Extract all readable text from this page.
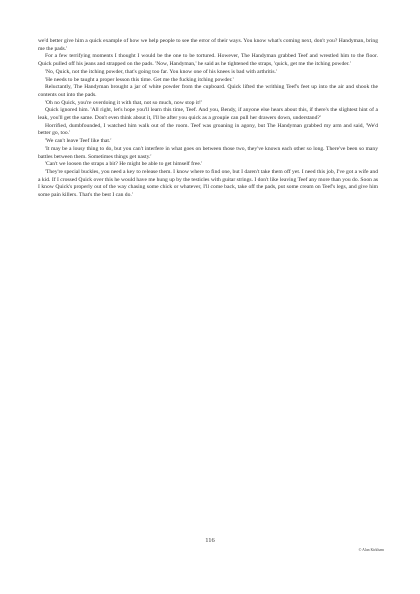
we'd better give him a quick example of how we help people to see the error of their ways. You know what's coming next, don't you? Handyman, bring me the pads.'

For a few terrifying moments I thought I would be the one to be tortured. However, The Handyman grabbed Teef and wrestled him to the floor. Quick pulled off his jeans and strapped on the pads. 'Now, Handyman,' he said as he tightened the straps, 'quick, get me the itching powder.'

'No, Quick, not the itching powder, that's going too far. You know one of his knees is bad with arthritis.'

'He needs to be taught a proper lesson this time. Get me the fucking itching powder.'

Reluctantly, The Handyman brought a jar of white powder from the cupboard. Quick lifted the writhing Teef's feet up into the air and shook the contents out into the pads.

'Oh no Quick, you're overdoing it with that, not so much, now stop it!'

Quick ignored him. 'All right, let's hope you'll learn this time, Teef. And you, Bendy, if anyone else hears about this, if there's the slightest hint of a leak, you'll get the same. Don't even think about it, I'll be after you quick as a groupie can pull her drawers down, understand?'

Horrified, dumbfounded, I watched him walk out of the room. Teef was groaning in agony, but The Handyman grabbed my arm and said, 'We'd better go, too.'

'We can't leave Teef like that.'

'It may be a lousy thing to do, but you can't interfere in what goes on between those two, they've known each other so long. There've been so many battles between them. Sometimes things get nasty.'

'Can't we loosen the straps a bit? He might be able to get himself free.'

'They're special buckles, you need a key to release them. I know where to find one, but I daren't take them off yet. I need this job, I've got a wife and a kid. If I crossed Quick over this he would have me hung up by the testicles with guitar strings. I don't like leaving Teef any more than you do. Soon as I know Quick's properly out of the way chasing some chick or whatever, I'll come back, take off the pads, put some cream on Teef's legs, and give him some pain killers. That's the best I can do.'

116
© Alan Kirkham
